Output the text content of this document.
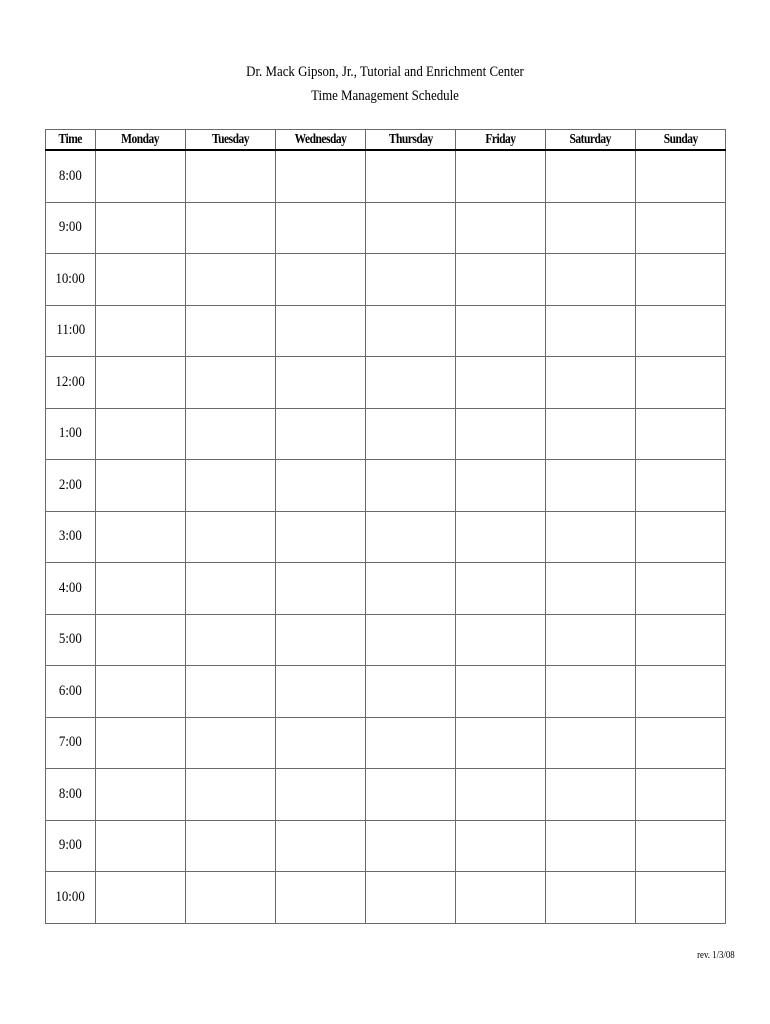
Dr. Mack Gipson, Jr., Tutorial and Enrichment Center
Time Management Schedule
Time	Monday	Tuesday	Wednesday	Thursday	Friday	Saturday	Sunday
8:00							
9:00							
10:00							
11:00							
12:00							
1:00							
2:00							
3:00							
4:00							
5:00							
6:00							
7:00							
8:00							
9:00							
10:00							
rev. 1/3/08
